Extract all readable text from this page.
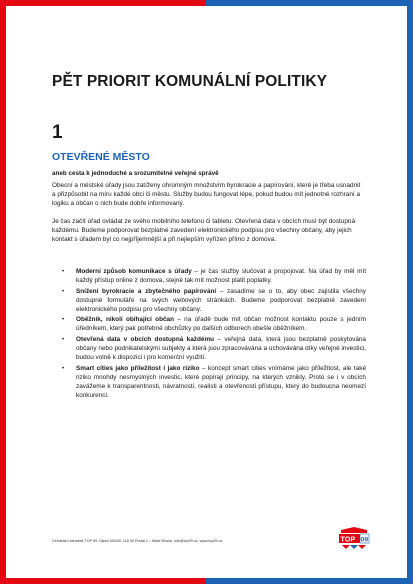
PĚT PRIORIT KOMUNÁLNÍ POLITIKY
1
OTEVŘENÉ MĚSTO

aneb cesta k jednoduché a srozumitelné veřejné správě

Obecní a městské úřady jsou zatíženy ohromným množstvím byrokracie a papírování, které je třeba usnadnit a přizpůsobit na míru každé obci či městu. Služby budou fungovat lépe, pokud budou mít jednotné rozhraní a logiku a občan o nich bude dobře informovaný.

Je čas začít úřad ovládat ze svého mobilního telefonu či tabletu. Otevřená data v obcích musí být dostupná každému. Budeme podporovat bezplatné zavedení elektronického podpisu pro všechny občany, aby jejich kontakt s úřadem byl co nejpříjemnější a při nejlepším vyřízen přímo z domova.

• Moderní způsob komunikace s úřady – je čas služby slučovat a propojovat. Na úřad by měl mít každý přístup online z domova, stejně tak mít možnost platit poplatky.
• Snížení byrokracie a zbytečného papírování – zasadíme se o to, aby obec zajistila všechny dostupné formuláře na svých webových stránkách. Budeme podporovat bezplatné zavedení elektronického podpisu pro všechny občany.
• Oběžník, nikoli obíhající občan – na úřadě bude mít občan možnost kontaktu pouze s jedním úředníkem, který pak potřebné obchůzky po dalších odborech obešle oběžníkem.
• Otevřená data v obcích dostupná každému – veřejná data, která jsou bezplatně poskytována občany nebo podnikatelskými subjekty a která jsou zpracovávána a uchovávána díky veřejné investici, budou volně k dispozici i pro komerční využití.
• Smart cities jako příležitost i jako riziko – koncept smart cities vnímáme jako příležitost, ale také riziko mnohdy nesmyslných investic, které popírají principy, na kterých vznikly. Proto se i v obcích zavážeme k transparentnosti, návratnosti, realisti a otevřenosti přístupu, který do budoucna neomezí konkurenci.

Celostátní kancelář TOP 09, Újezd 450/40, 118 00 Praha 1 – Malá Strana, info@top09.cz, www.top09.cz	TOP 09
